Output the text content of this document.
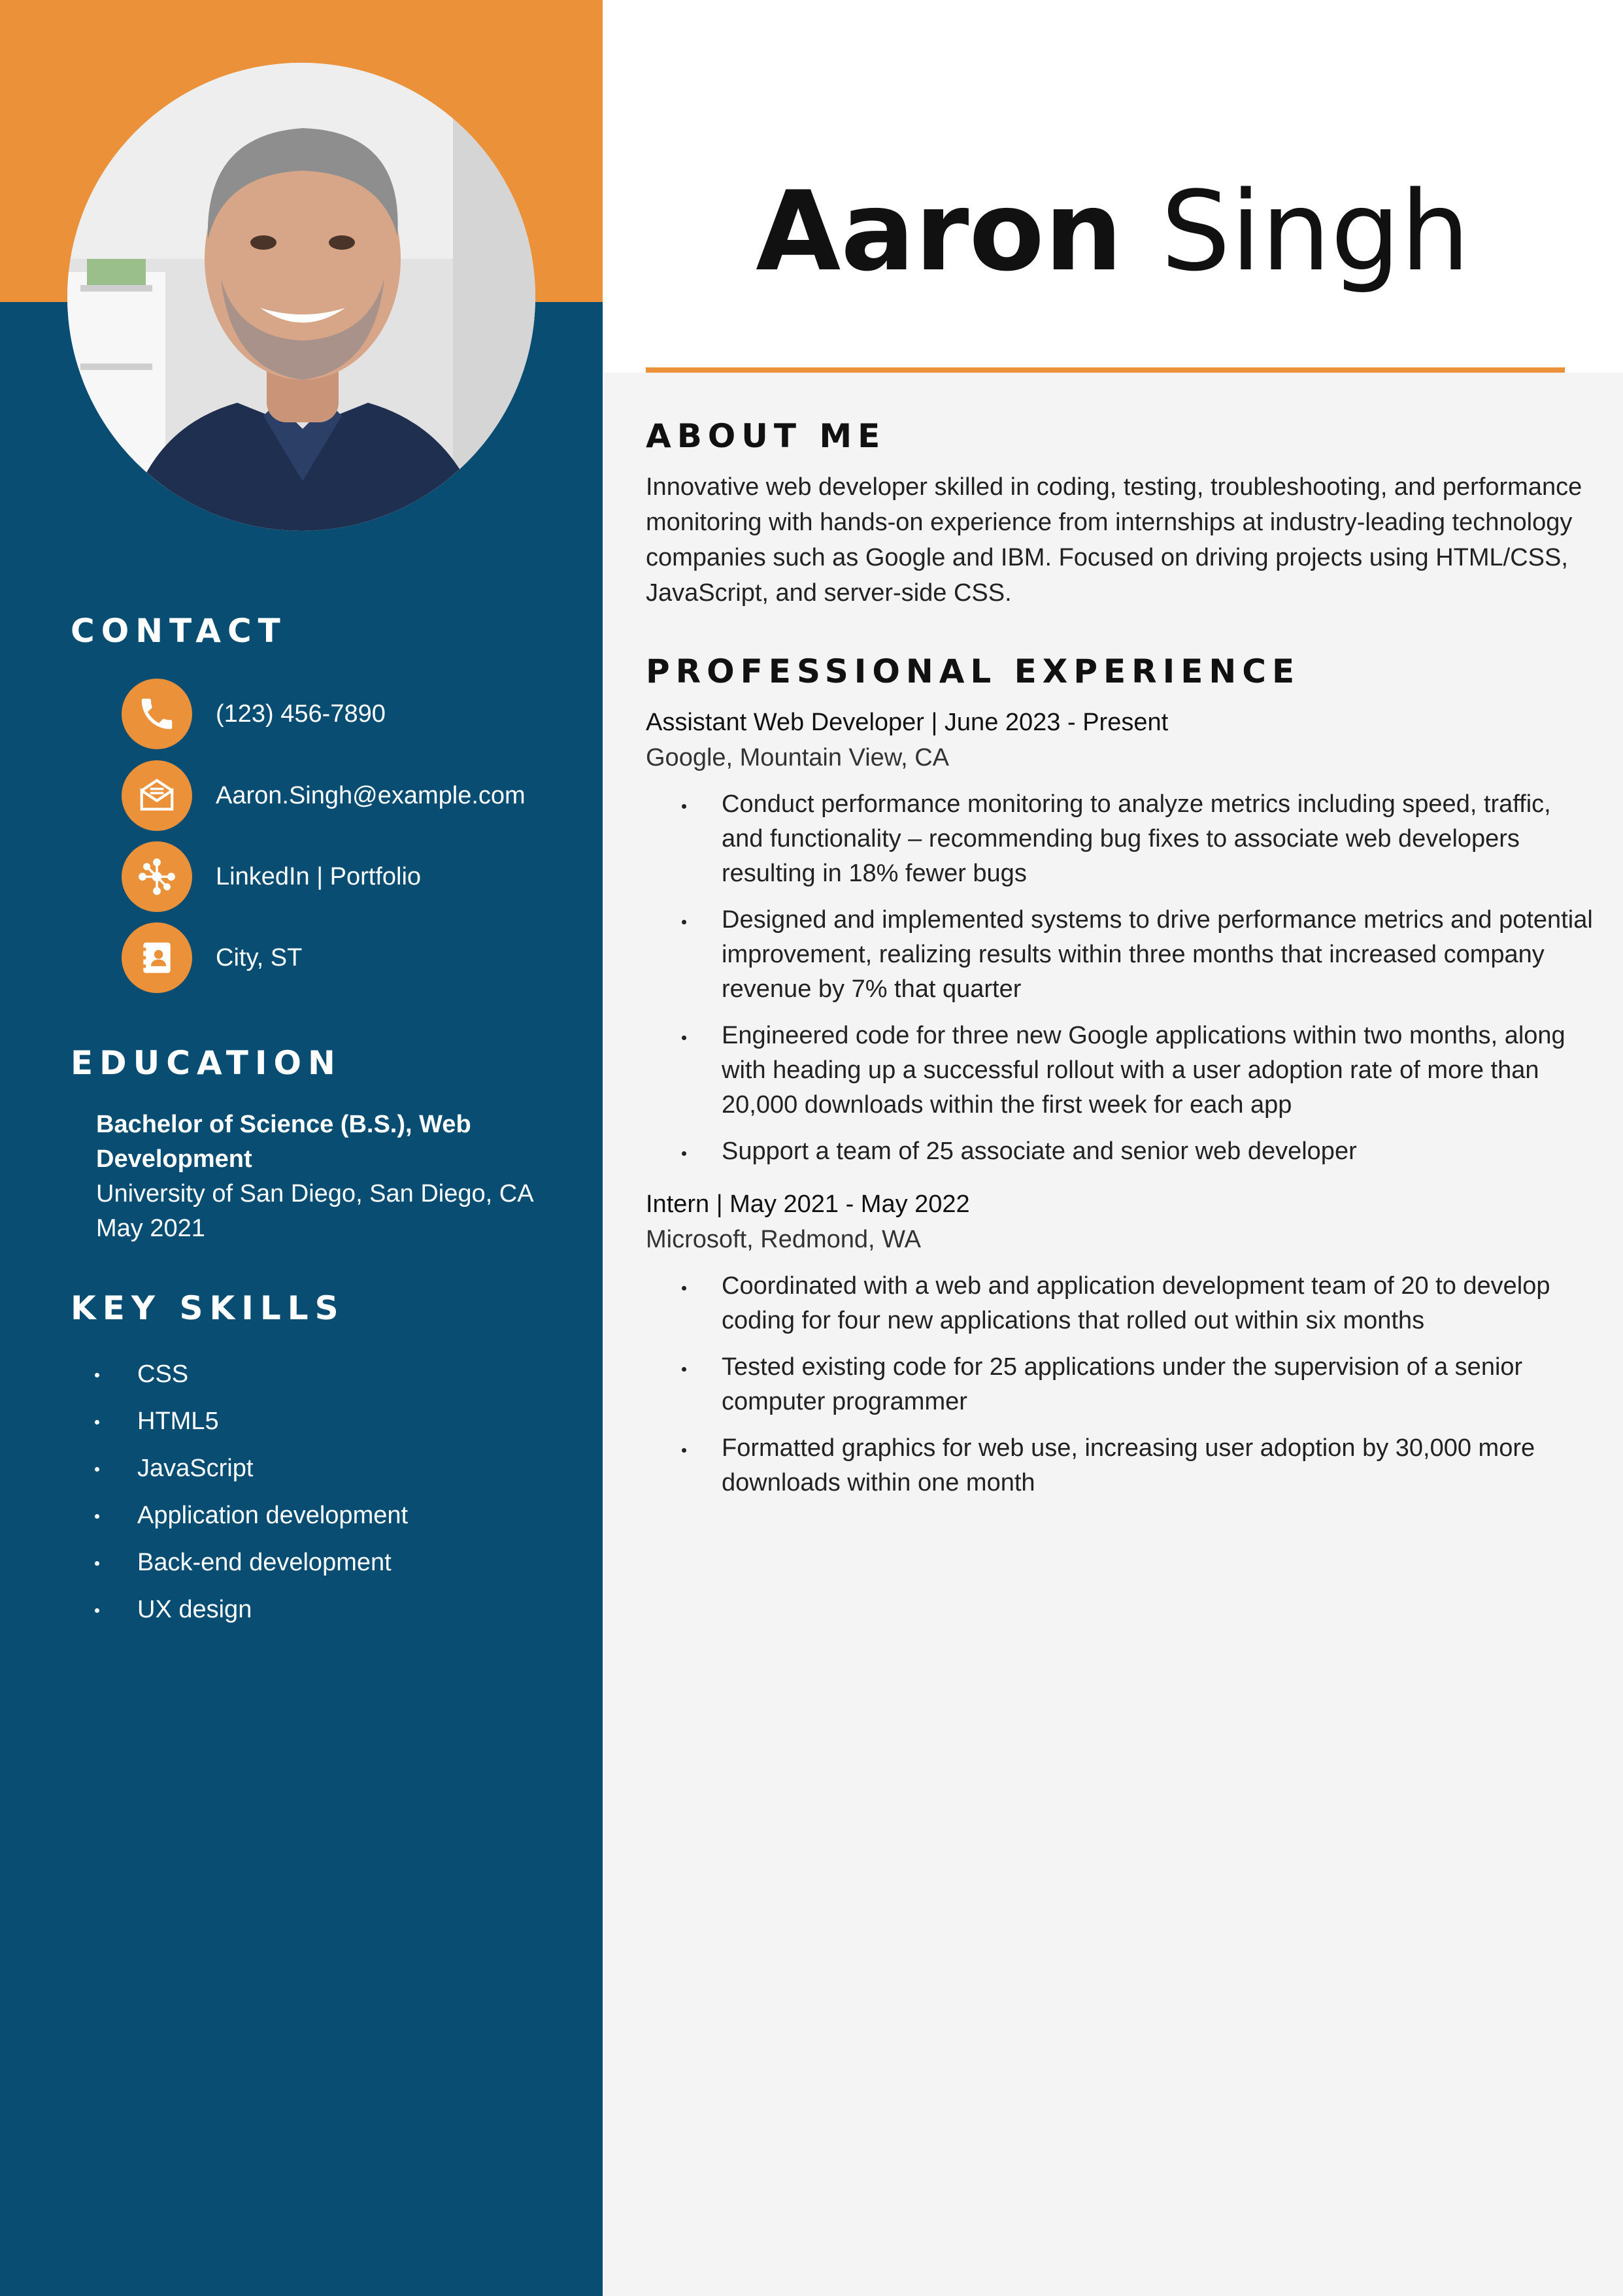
CONTACT
(123) 456-7890
Aaron.Singh@example.com
LinkedIn | Portfolio
City, ST
EDUCATION

Bachelor of Science (B.S.), Web Development

University of San Diego, San Diego, CA

May 2021

KEY SKILLS
CSS
HTML5
JavaScript
Application development
Back-end development
UX design
Aaron Singh
ABOUT ME

Innovative web developer skilled in coding, testing, troubleshooting, and performance monitoring with hands-on experience from internships at industry-leading technology companies such as Google and IBM. Focused on driving projects using HTML/CSS, JavaScript, and server-side CSS.

PROFESSIONAL EXPERIENCE

Assistant Web Developer | June 2023 - Present

Google, Mountain View, CA

Conduct performance monitoring to analyze metrics including speed, traffic, and functionality – recommending bug fixes to associate web developers resulting in 18% fewer bugs
Designed and implemented systems to drive performance metrics and potential improvement, realizing results within three months that increased company revenue by 7% that quarter
Engineered code for three new Google applications within two months, along with heading up a successful rollout with a user adoption rate of more than 20,000 downloads within the first week for each app
Support a team of 25 associate and senior web developer

Intern | May 2021 - May 2022

Microsoft, Redmond, WA

Coordinated with a web and application development team of 20 to develop coding for four new applications that rolled out within six months
Tested existing code for 25 applications under the supervision of a senior computer programmer
Formatted graphics for web use, increasing user adoption by 30,000 more downloads within one month
